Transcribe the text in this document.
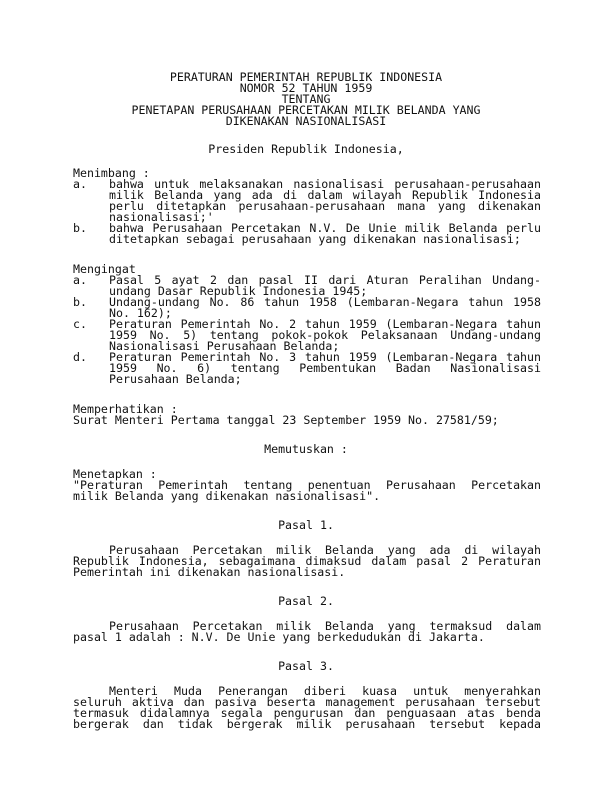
PERATURAN PEMERINTAH REPUBLIK INDONESIA
NOMOR 52 TAHUN 1959
TENTANG
PENETAPAN PERUSAHAAN PERCETAKAN MILIK BELANDA YANG
DIKENAKAN NASIONALISASI
Presiden Republik Indonesia,
Menimbang :
a. bahwa untuk melaksanakan nasionalisasi perusahaan-perusahaan
milik Belanda yang ada di dalam wilayah Republik Indonesia
perlu ditetapkan perusahaan-perusahaan mana yang dikenakan
nasionalisasi;'
b. bahwa Perusahaan Percetakan N.V. De Unie milik Belanda perlu
ditetapkan sebagai perusahaan yang dikenakan nasionalisasi;
Mengingat
a. Pasal 5 ayat 2 dan pasal II dari Aturan Peralihan Undang-
undang Dasar Republik Indonesia 1945;
b. Undang-undang No. 86 tahun 1958 (Lembaran-Negara tahun 1958
No. 162);
c. Peraturan Pemerintah No. 2 tahun 1959 (Lembaran-Negara tahun
1959 No. 5) tentang pokok-pokok Pelaksanaan Undang-undang
Nasionalisasi Perusahaan Belanda;
d. Peraturan Pemerintah No. 3 tahun 1959 (Lembaran-Negara tahun
1959 No. 6) tentang Pembentukan Badan Nasionalisasi
Perusahaan Belanda;
Memperhatikan :
Surat Menteri Pertama tanggal 23 September 1959 No. 27581/59;
Memutuskan :
Menetapkan :
"Peraturan Pemerintah tentang penentuan Perusahaan Percetakan
milik Belanda yang dikenakan nasionalisasi".
Pasal 1.
Perusahaan Percetakan milik Belanda yang ada di wilayah
Republik Indonesia, sebagaimana dimaksud dalam pasal 2 Peraturan
Pemerintah ini dikenakan nasionalisasi.
Pasal 2.
Perusahaan Percetakan milik Belanda yang termaksud dalam
pasal 1 adalah : N.V. De Unie yang berkedudukan di Jakarta.
Pasal 3.
Menteri Muda Penerangan diberi kuasa untuk menyerahkan
seluruh aktiva dan pasiva beserta management perusahaan tersebut
termasuk didalamnya segala pengurusan dan penguasaan atas benda
bergerak dan tidak bergerak milik perusahaan tersebut kepada
